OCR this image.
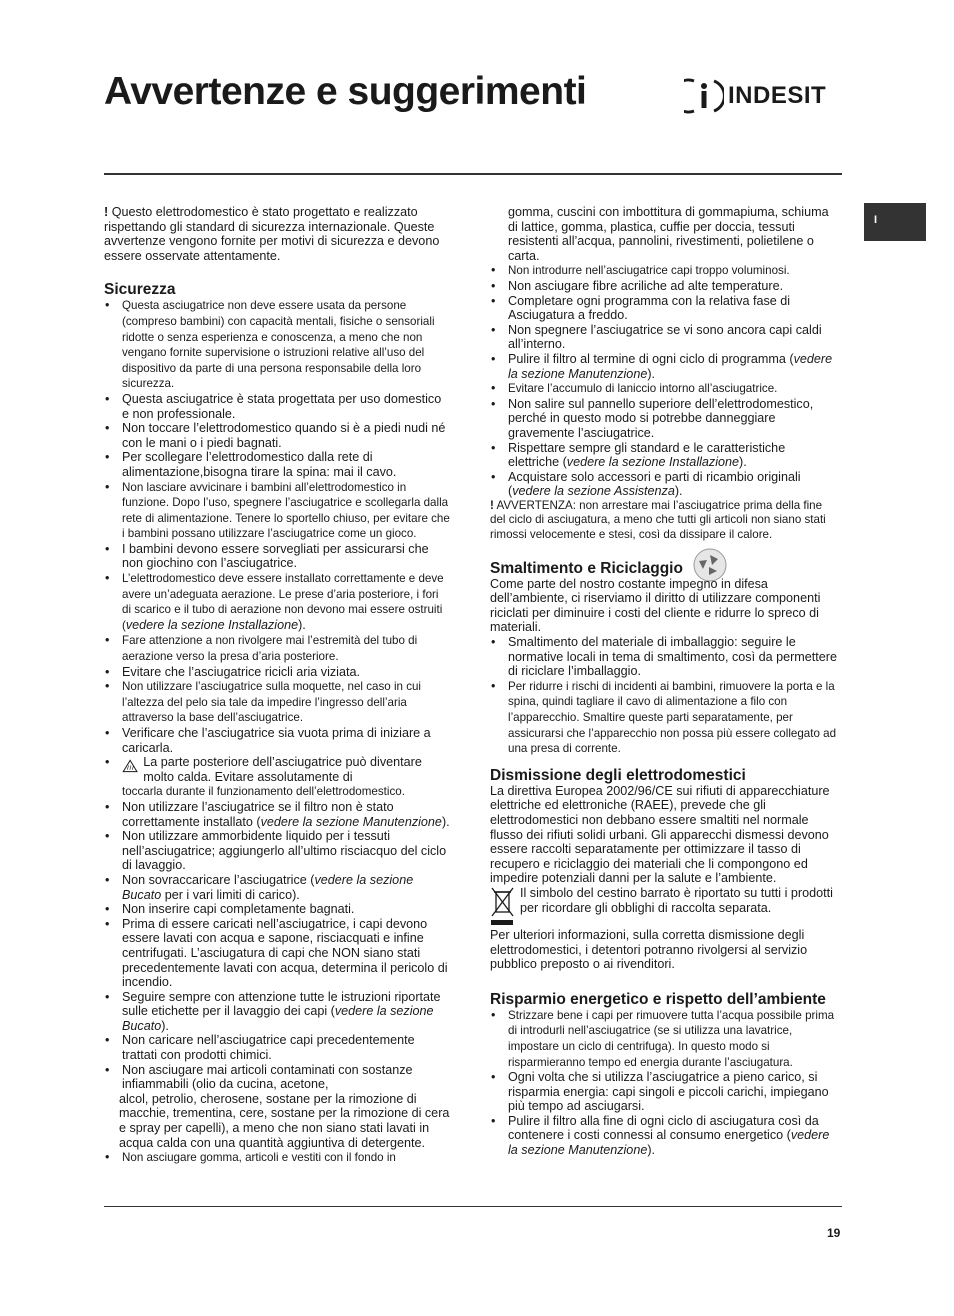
Avvertenze e suggerimenti	INDESIT
I

! Questo elettrodomestico è stato progettato e realizzato rispettando gli standard di sicurezza internazionale. Queste avvertenze vengono fornite per motivi di sicurezza e devono essere osservate attentamente.

Sicurezza
• Questa asciugatrice non deve essere usata da persone (compreso bambini) con capacità mentali, fisiche o sensoriali ridotte o senza esperienza e conoscenza, a meno che non vengano fornite supervisione o istruzioni relative all’uso del dispositivo da parte di una persona responsabile della loro sicurezza.
• Questa asciugatrice è stata progettata per uso domestico e non professionale.
• Non toccare l’elettrodomestico quando si è a piedi nudi né con le mani o i piedi bagnati.
• Per scollegare l’elettrodomestico dalla rete di alimentazione,bisogna tirare la spina: mai il cavo.
• Non lasciare avvicinare i bambini all’elettrodomestico in funzione. Dopo l’uso, spegnere l’asciugatrice e scollegarla dalla rete di alimentazione. Tenere lo sportello chiuso, per evitare che i bambini possano utilizzare l’asciugatrice come un gioco.
• I bambini devono essere sorvegliati per assicurarsi che non giochino con l’asciugatrice.
• L’elettrodomestico deve essere installato correttamente e deve avere un’adeguata aerazione. Le prese d’aria posteriore, i fori di scarico e il tubo di aerazione non devono mai essere ostruiti (vedere la sezione Installazione).
• Fare attenzione a non rivolgere mai l’estremità del tubo di aerazione verso la presa d’aria posteriore.
• Evitare che l’asciugatrice ricicli aria viziata.
• Non utilizzare l’asciugatrice sulla moquette, nel caso in cui l’altezza del pelo sia tale da impedire l’ingresso dell’aria attraverso la base dell’asciugatrice.
• Verificare che l’asciugatrice sia vuota prima di iniziare a caricarla.
• La parte posteriore dell’asciugatrice può diventare molto calda. Evitare assolutamente di
toccarla durante il funzionamento dell’elettrodomestico.
• Non utilizzare l’asciugatrice se il filtro non è stato correttamente installato (vedere la sezione Manutenzione).
• Non utilizzare ammorbidente liquido per i tessuti nell’asciugatrice; aggiungerlo all’ultimo risciacquo del ciclo di lavaggio.
• Non sovraccaricare l’asciugatrice (vedere la sezione Bucato per i vari limiti di carico).
• Non inserire capi completamente bagnati.
• Prima di essere caricati nell’asciugatrice, i capi devono essere lavati con acqua e sapone, risciacquati e infine centrifugati. L’asciugatura di capi che NON siano stati precedentemente lavati con acqua, determina il pericolo di incendio.
• Seguire sempre con attenzione tutte le istruzioni riportate sulle etichette per il lavaggio dei capi (vedere la sezione Bucato).
• Non caricare nell’asciugatrice capi precedentemente trattati con prodotti chimici.
• Non asciugare mai articoli contaminati con sostanze infiammabili (olio da cucina, acetone,

alcol, petrolio, cherosene, sostane per la rimozione di macchie, trementina, cere, sostane per la rimozione di cera e spray per capelli), a meno che non siano stati lavati in acqua calda con una quantità aggiuntiva di detergente.

• Non asciugare gomma, articoli e vestiti con il fondo in

gomma, cuscini con imbottitura di gommapiuma, schiuma di lattice, gomma, plastica, cuffie per doccia, tessuti resistenti all’acqua, pannolini, rivestimenti, polietilene o carta.

• Non introdurre nell’asciugatrice capi troppo voluminosi.
• Non asciugare fibre acriliche ad alte temperature.
• Completare ogni programma con la relativa fase di Asciugatura a freddo.
• Non spegnere l’asciugatrice se vi sono ancora capi caldi all’interno.
• Pulire il filtro al termine di ogni ciclo di programma (vedere la sezione Manutenzione).
• Evitare l’accumulo di laniccio intorno all’asciugatrice.
• Non salire sul pannello superiore dell’elettrodomestico, perché in questo modo si potrebbe danneggiare gravemente l’asciugatrice.
• Rispettare sempre gli standard e le caratteristiche elettriche (vedere la sezione Installazione).
• Acquistare solo accessori e parti di ricambio originali (vedere la sezione Assistenza).

! AVVERTENZA: non arrestare mai l’asciugatrice prima della fine del ciclo di asciugatura, a meno che tutti gli articoli non siano stati rimossi velocemente e stesi, così da dissipare il calore.

Smaltimento e Riciclaggio

Come parte del nostro costante impegno in difesa dell’ambiente, ci riserviamo il diritto di utilizzare componenti riciclati per diminuire i costi del cliente e ridurre lo spreco di materiali.

• Smaltimento del materiale di imballaggio: seguire le normative locali in tema di smaltimento, così da permettere di riciclare l’imballaggio.
• Per ridurre i rischi di incidenti ai bambini, rimuovere la porta e la spina, quindi tagliare il cavo di alimentazione a filo con l’apparecchio. Smaltire queste parti separatamente, per assicurarsi che l’apparecchio non possa più essere collegato ad una presa di corrente.
Dismissione degli elettrodomestici

La direttiva Europea 2002/96/CE sui rifiuti di apparecchiature elettriche ed elettroniche (RAEE), prevede che gli elettrodomestici non debbano essere smaltiti nel normale flusso dei rifiuti solidi urbani. Gli apparecchi dismessi devono essere raccolti separatamente per ottimizzare il tasso di recupero e riciclaggio dei materiali che li compongono ed impedire potenziali danni per la salute e l’ambiente.

Il simbolo del cestino barrato è riportato su tutti i prodotti per ricordare gli obblighi di raccolta separata.

Per ulteriori informazioni, sulla corretta dismissione degli elettrodomestici, i detentori potranno rivolgersi al servizio pubblico preposto o ai rivenditori.

Risparmio energetico e rispetto dell’ambiente
• Strizzare bene i capi per rimuovere tutta l’acqua possibile prima di introdurli nell’asciugatrice (se si utilizza una lavatrice, impostare un ciclo di centrifuga). In questo modo si risparmieranno tempo ed energia durante l’asciugatura.
• Ogni volta che si utilizza l’asciugatrice a pieno carico, si risparmia energia: capi singoli e piccoli carichi, impiegano più tempo ad asciugarsi.
• Pulire il filtro alla fine di ogni ciclo di asciugatura così da contenere i costi connessi al consumo energetico (vedere la sezione Manutenzione).
19
